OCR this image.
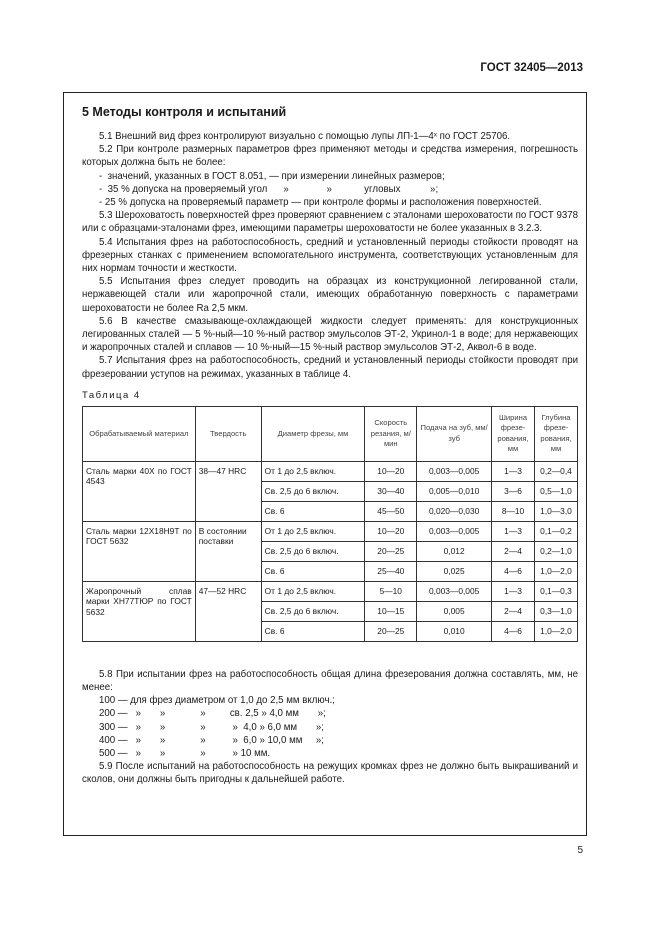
ГОСТ 32405—2013
5 Методы контроля и испытаний

5.1 Внешний вид фрез контролируют визуально с помощью лупы ЛП-1—4ˣ по ГОСТ 25706.

5.2 При контроле размерных параметров фрез применяют методы и средства измерения, погрешность которых должна быть не более:

-  значений, указанных в ГОСТ 8.051, — при измерении линейных размеров;

-  35 % допуска на проверяемый угол      »              »            угловых           »;

- 25 % допуска на проверяемый параметр — при контроле формы и расположения поверхностей.

5.3 Шероховатость поверхностей фрез проверяют сравнением с эталонами шероховатости по ГОСТ 9378 или с образцами-эталонами фрез, имеющими параметры шероховатости не более указанных в 3.2.3.

5.4 Испытания фрез на работоспособность, средний и установленный периоды стойкости проводят на фрезерных станках с применением вспомогательного инструмента, соответствующих установленным для них нормам точности и жесткости.

5.5 Испытания фрез следует проводить на образцах из конструкционной легированной стали, нержавеющей стали или жаропрочной стали, имеющих обработанную поверхность с параметрами шероховатости не более Ra 2,5 мкм.

5.6 В качестве смазывающе-охлаждающей жидкости следует применять: для конструкционных легированных сталей — 5 %-ный—10 %-ный раствор эмульсолов ЭТ-2, Укринол-1 в воде; для нержавеющих и жаропрочных сталей и сплавов — 10 %-ный—15 %-ный раствор эмульсолов ЭТ-2, Аквол-6 в воде.

5.7 Испытания фрез на работоспособность, средний и установленный периоды стойкости проводят при фрезеровании уступов на режимах, указанных в таблице 4.

Таблица 4
Обрабатываемый материал	Твердость	Диаметр фрезы, мм	Скорость резания, м/мин	Подача на зуб, мм/зуб	Ширина фрезе-рования, мм	Глубина фрезе-рования, мм
Сталь марки 40Х по ГОСТ 4543	38—47 HRC	От 1 до 2,5 включ.	10—20	0,003—0,005	1—3	0,2—0,4
		Св. 2,5 до 6 включ.	30—40	0,005—0,010	3—6	0,5—1,0
		Св. 6	45—50	0,020—0,030	8—10	1,0—3,0
Сталь марки 12Х18Н9Т по ГОСТ 5632	В состоянии поставки	От 1 до 2,5 включ.	10—20	0,003—0,005	1—3	0,1—0,2
		Св. 2,5 до 6 включ.	20—25	0,012	2—4	0,2—1,0
		Св. 6	25—40	0,025	4—6	1,0—2,0
Жаропрочный сплав марки ХН77ТЮР по ГОСТ 5632	47—52 HRC	От 1 до 2,5 включ.	5—10	0,003—0,005	1—3	0,1—0,3
		Св. 2,5 до 6 включ.	10—15	0,005	2—4	0,3—1,0
		Св. 6	20—25	0,010	4—6	1,0—2,0

5.8 При испытании фрез на работоспособность общая длина фрезерования должна составлять, мм, не менее:

100 — для фрез диаметром от 1,0 до 2,5 мм включ.;
200 —   »       »             »         св. 2,5 » 4,0 мм       »;
300 —   »       »             »          »  4,0 » 6,0 мм       »;
400 —   »       »             »          »  6,0 » 10,0 мм     »;
500 —   »       »             »          » 10 мм.

5.9 После испытаний на работоспособность на режущих кромках фрез не должно быть выкрашиваний и сколов, они должны быть пригодны к дальнейшей работе.

5
